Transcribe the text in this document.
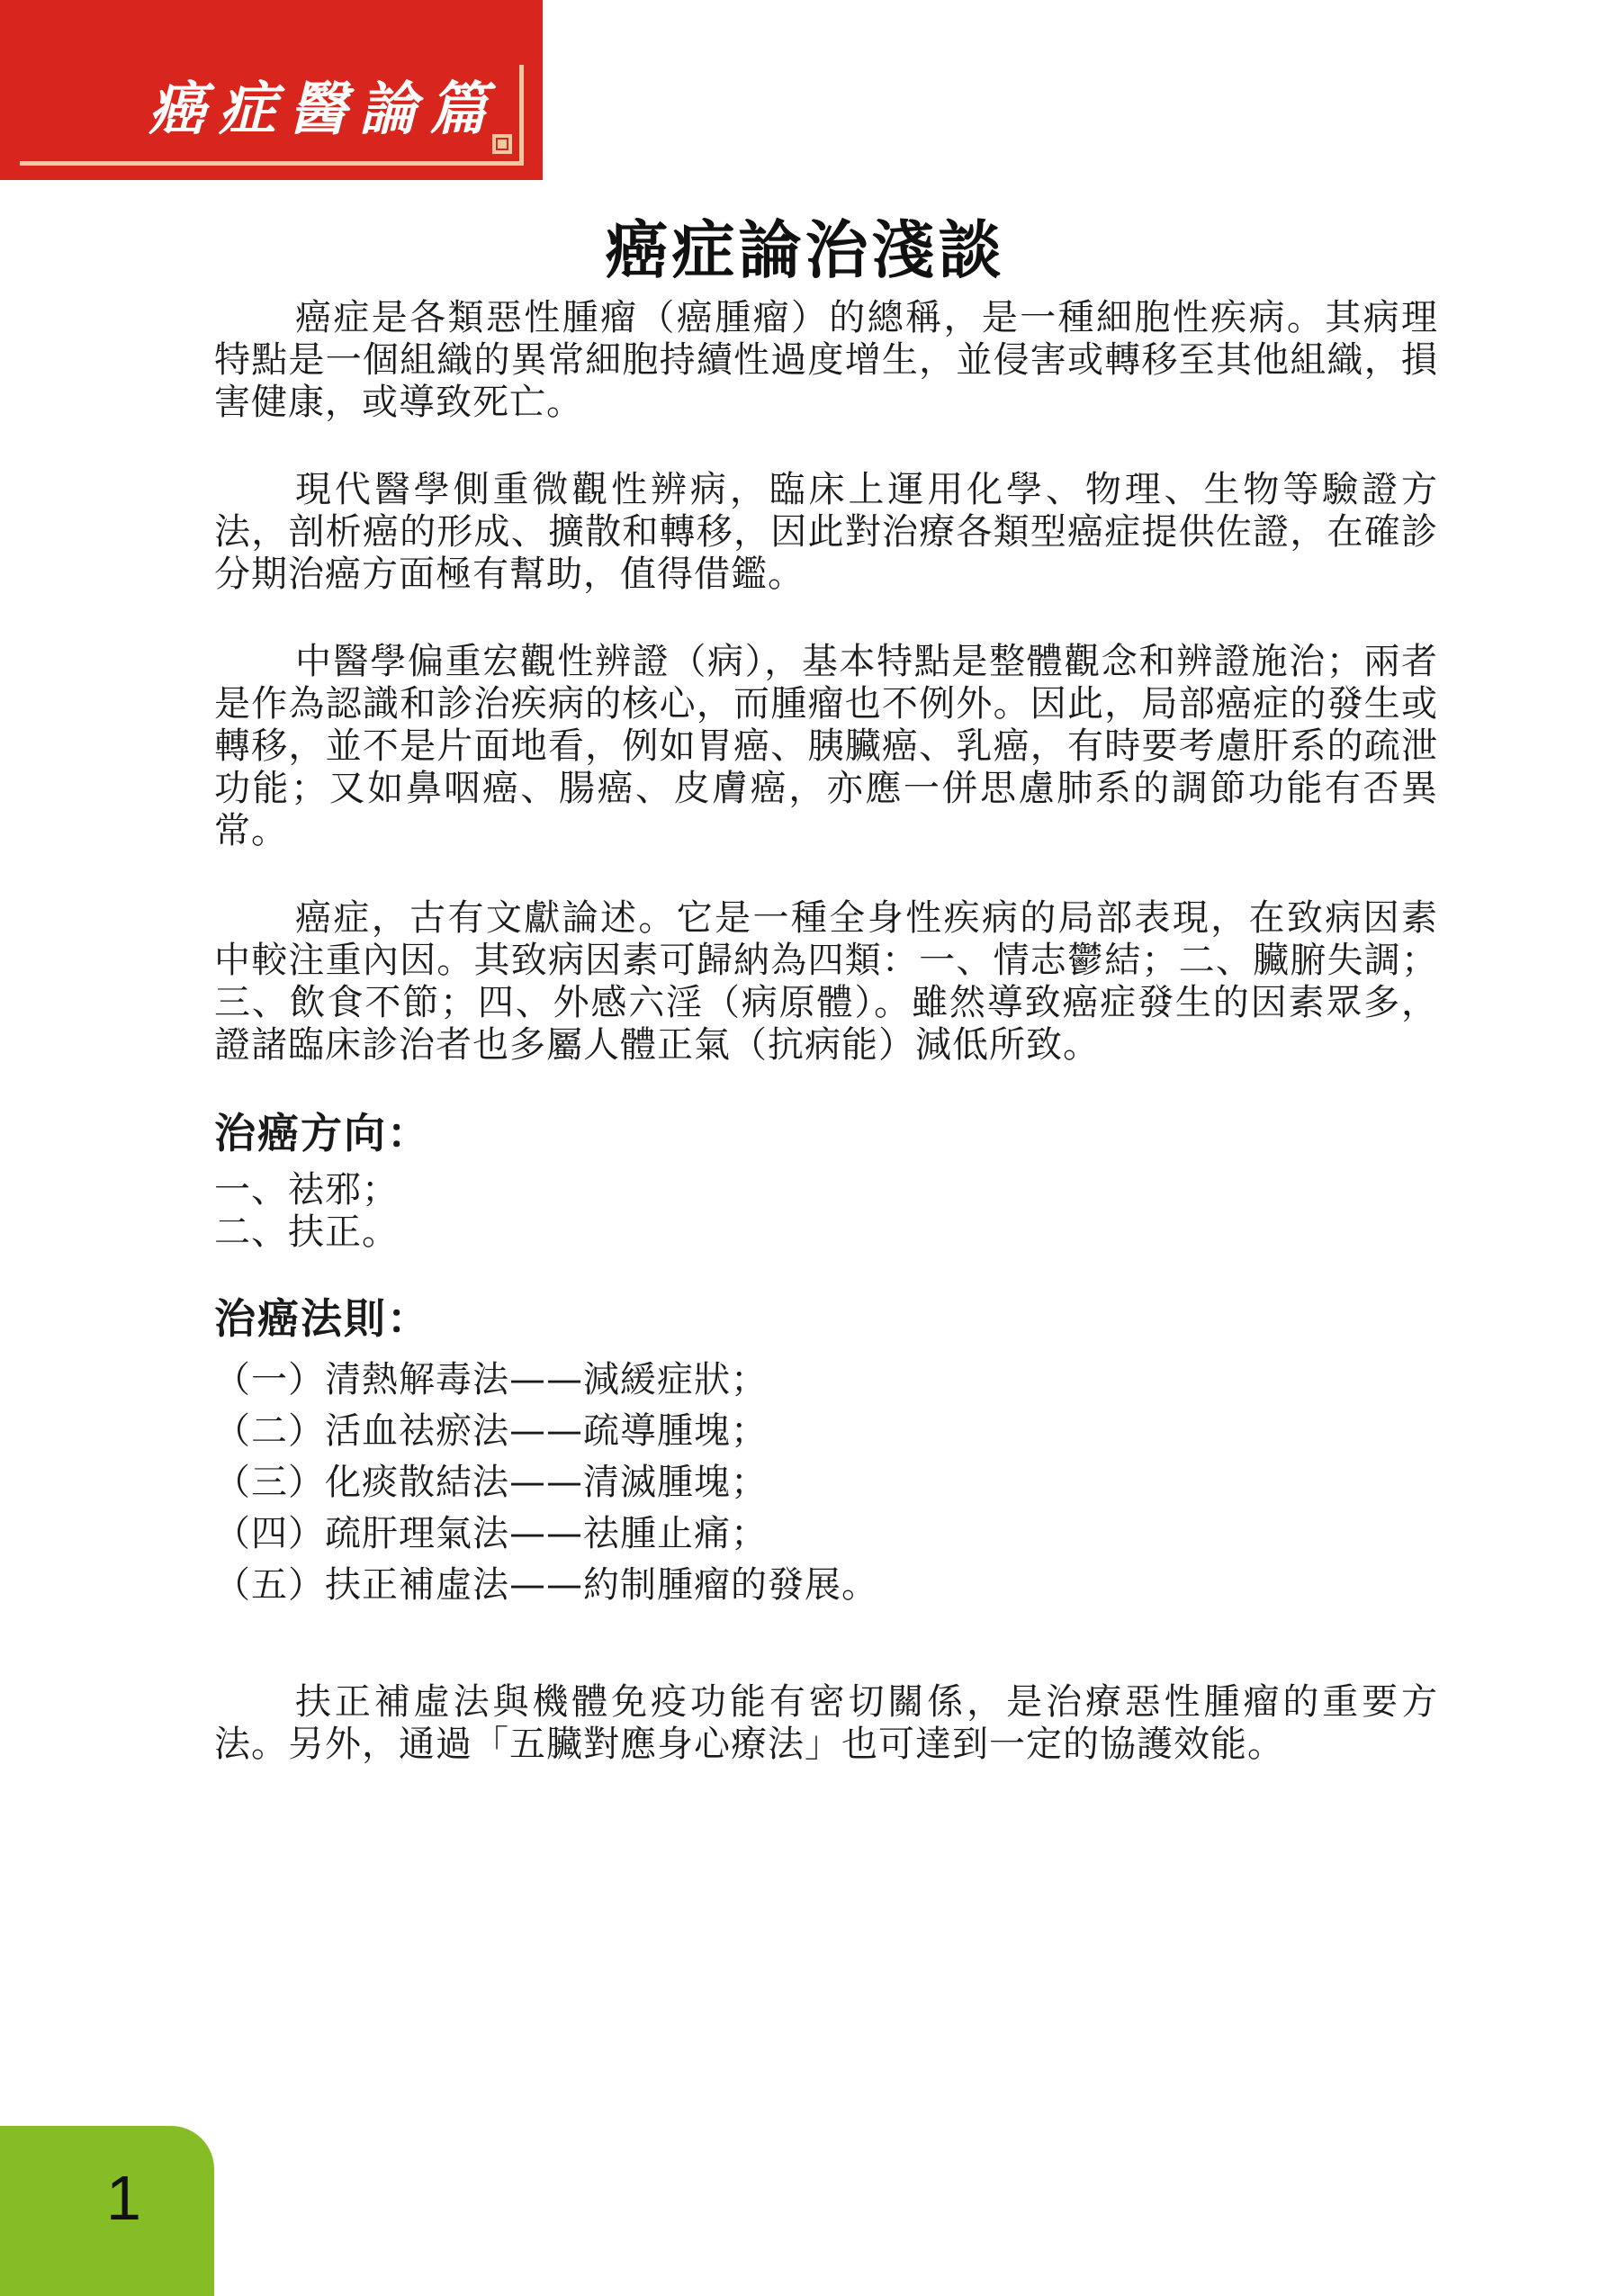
癌症醫論篇
癌症論治淺談

癌症是各類惡性腫瘤（癌腫瘤）的總稱，是一種細胞性疾病。其病理特點是一個組織的異常細胞持續性過度增生，並侵害或轉移至其他組織，損害健康，或導致死亡。

現代醫學側重微觀性辨病，臨床上運用化學、物理、生物等驗證方法，剖析癌的形成、擴散和轉移，因此對治療各類型癌症提供佐證，在確診分期治癌方面極有幫助，值得借鑑。

中醫學偏重宏觀性辨證（病），基本特點是整體觀念和辨證施治；兩者是作為認識和診治疾病的核心，而腫瘤也不例外。因此，局部癌症的發生或轉移，並不是片面地看，例如胃癌、胰臟癌、乳癌，有時要考慮肝系的疏泄功能；又如鼻咽癌、腸癌、皮膚癌，亦應一併思慮肺系的調節功能有否異常。

癌症，古有文獻論述。它是一種全身性疾病的局部表現，在致病因素中較注重內因。其致病因素可歸納為四類：一、情志鬱結；二、臟腑失調；三、飲食不節；四、外感六淫（病原體）。雖然導致癌症發生的因素眾多，證諸臨床診治者也多屬人體正氣（抗病能）減低所致。

治癌方向：
一、祛邪；
二、扶正。
治癌法則：
（一）清熱解毒法——減緩症狀；
（二）活血祛瘀法——疏導腫塊；
（三）化痰散結法——清滅腫塊；
（四）疏肝理氣法——祛腫止痛；
（五）扶正補虛法——約制腫瘤的發展。

扶正補虛法與機體免疫功能有密切關係，是治療惡性腫瘤的重要方法。另外，通過「五臟對應身心療法」也可達到一定的協護效能。

1
